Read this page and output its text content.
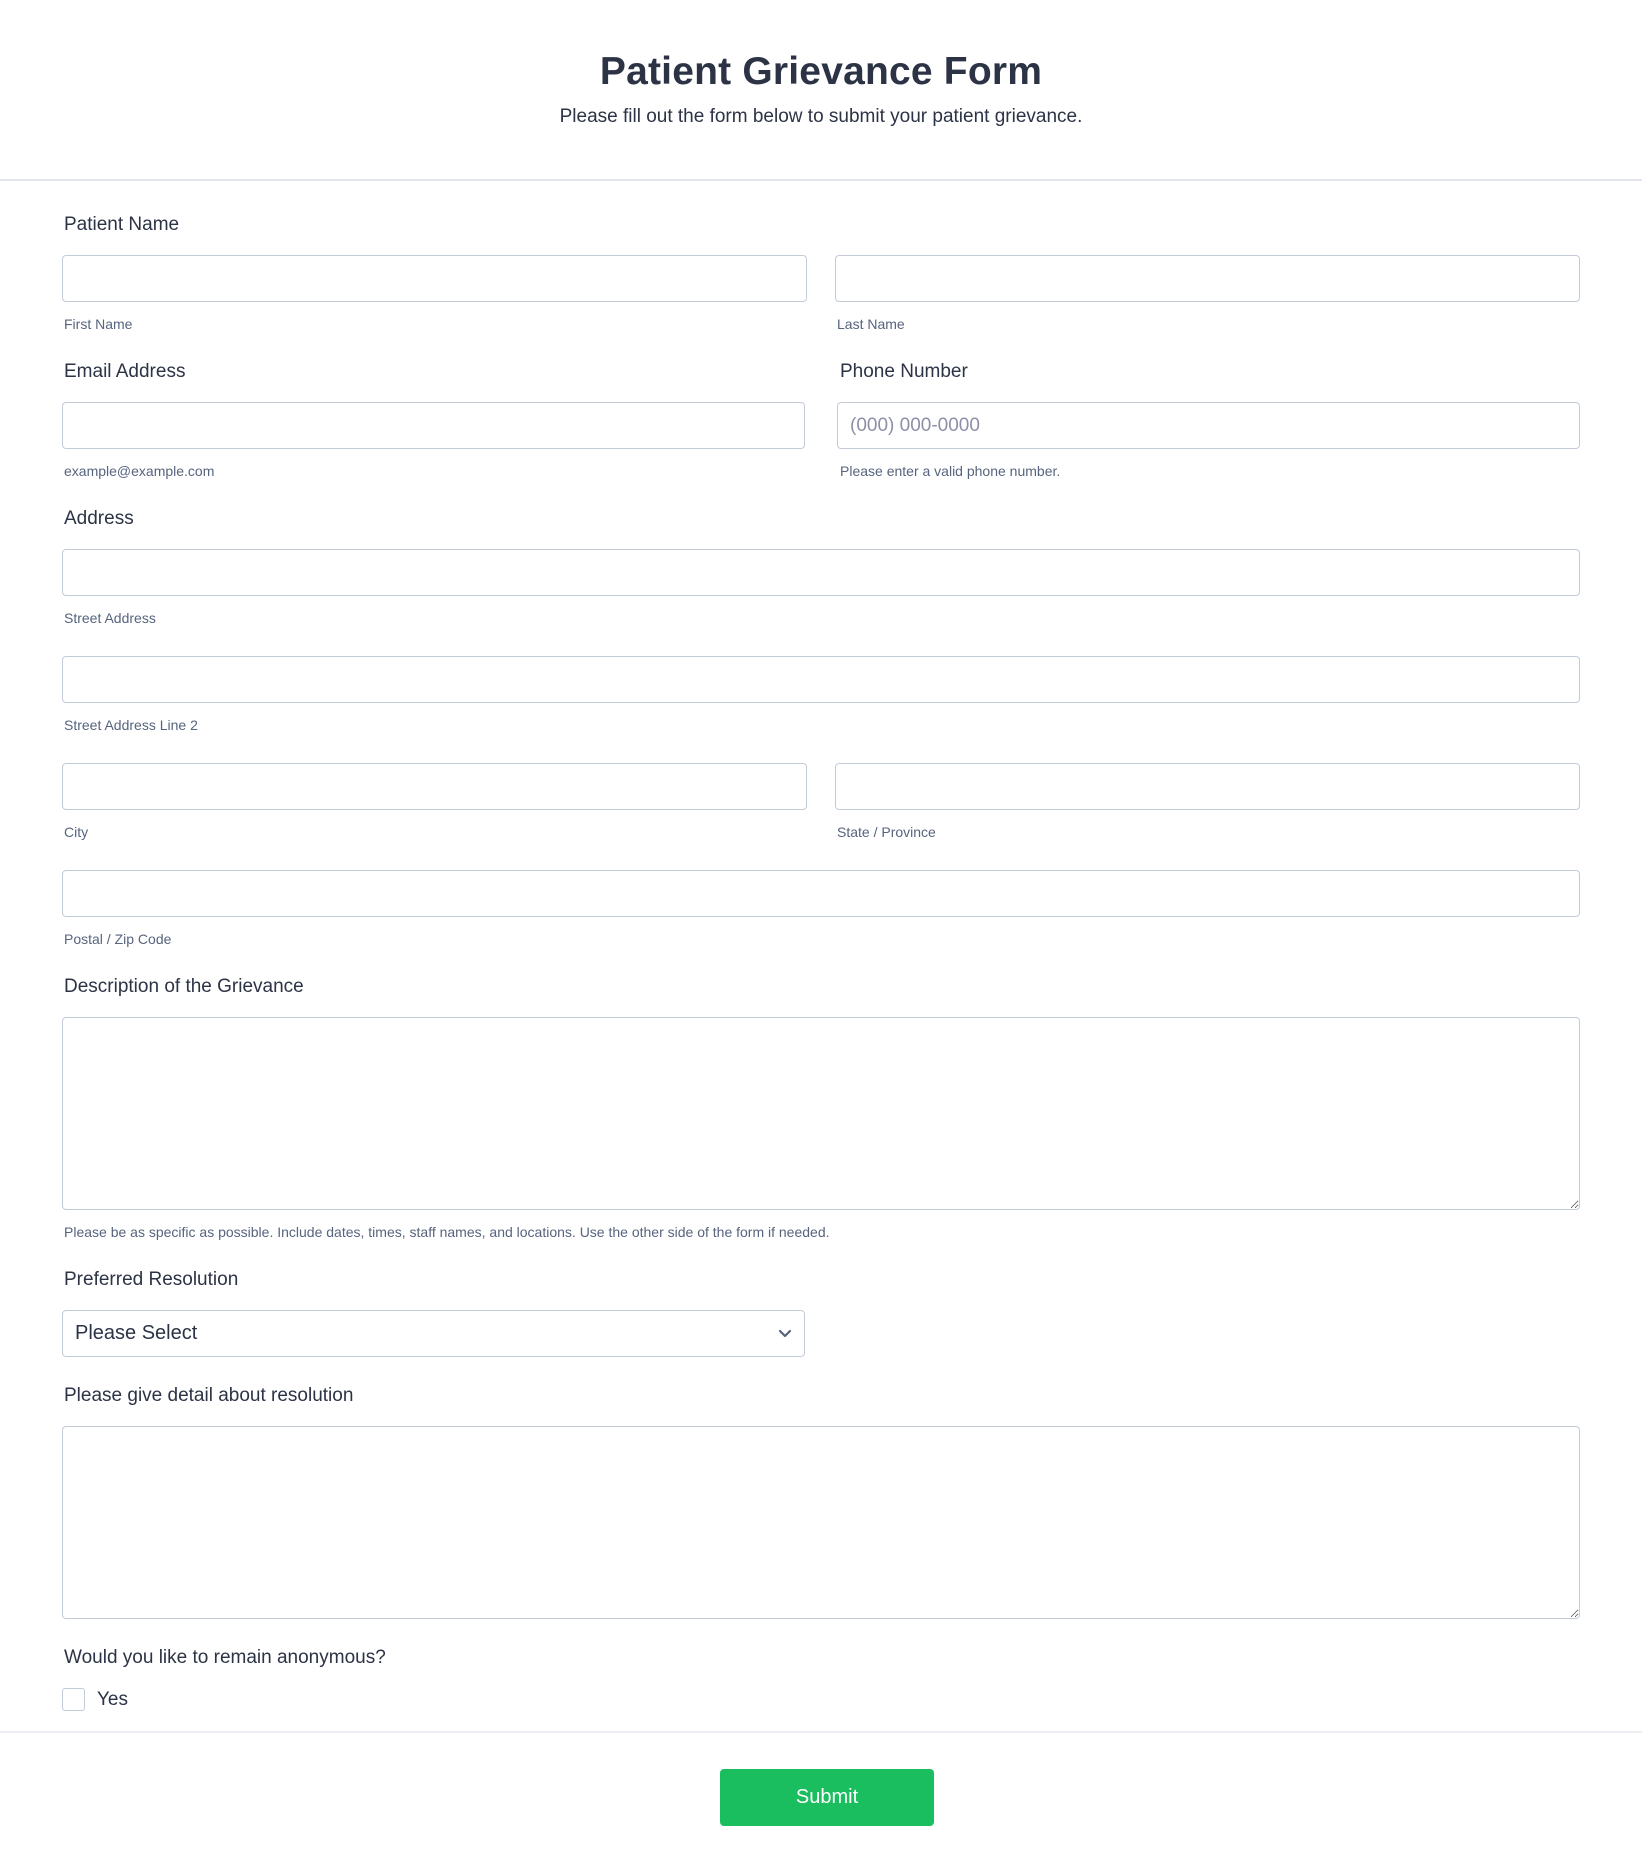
Patient Grievance Form

Please fill out the form below to submit your patient grievance.

Patient Name
First Name	Last Name
Email Address
example@example.com
Phone Number
(000) 000-0000
Please enter a valid phone number.
Address
Street Address
Street Address Line 2
City	State / Province
Postal / Zip Code
Description of the Grievance
Please be as specific as possible. Include dates, times, staff names, and locations. Use the other side of the form if needed.
Preferred Resolution
Please Select
Please give detail about resolution
Would you like to remain anonymous?
Yes
Submit
